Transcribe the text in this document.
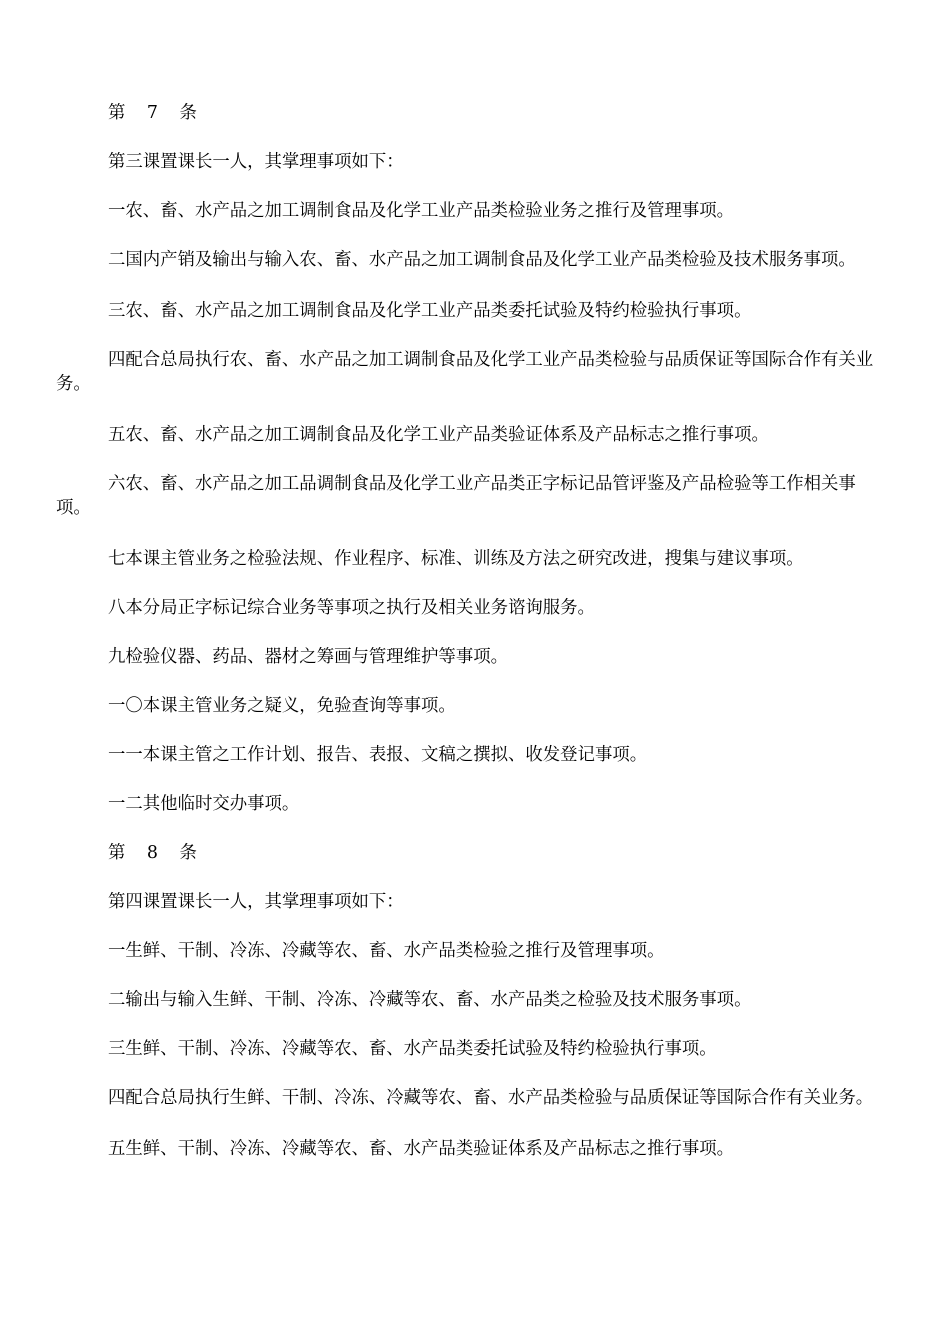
第 7 条

第三课置课长一人，其掌理事项如下：

一农、畜、水产品之加工调制食品及化学工业产品类检验业务之推行及管理事项。

二国内产销及输出与输入农、畜、水产品之加工调制食品及化学工业产品类检验及技术服务事项。

三农、畜、水产品之加工调制食品及化学工业产品类委托试验及特约检验执行事项。

四配合总局执行农、畜、水产品之加工调制食品及化学工业产品类检验与品质保证等国际合作有关业务。

五农、畜、水产品之加工调制食品及化学工业产品类验证体系及产品标志之推行事项。

六农、畜、水产品之加工品调制食品及化学工业产品类正字标记品管评鉴及产品检验等工作相关事项。

七本课主管业务之检验法规、作业程序、标准、训练及方法之研究改进，搜集与建议事项。

八本分局正字标记综合业务等事项之执行及相关业务谘询服务。

九检验仪器、药品、器材之筹画与管理维护等事项。

一〇本课主管业务之疑义，免验查询等事项。

一一本课主管之工作计划、报告、表报、文稿之撰拟、收发登记事项。

一二其他临时交办事项。

第 8 条

第四课置课长一人，其掌理事项如下：

一生鲜、干制、冷冻、冷藏等农、畜、水产品类检验之推行及管理事项。

二输出与输入生鲜、干制、冷冻、冷藏等农、畜、水产品类之检验及技术服务事项。

三生鲜、干制、冷冻、冷藏等农、畜、水产品类委托试验及特约检验执行事项。

四配合总局执行生鲜、干制、冷冻、冷藏等农、畜、水产品类检验与品质保证等国际合作有关业务。

五生鲜、干制、冷冻、冷藏等农、畜、水产品类验证体系及产品标志之推行事项。
